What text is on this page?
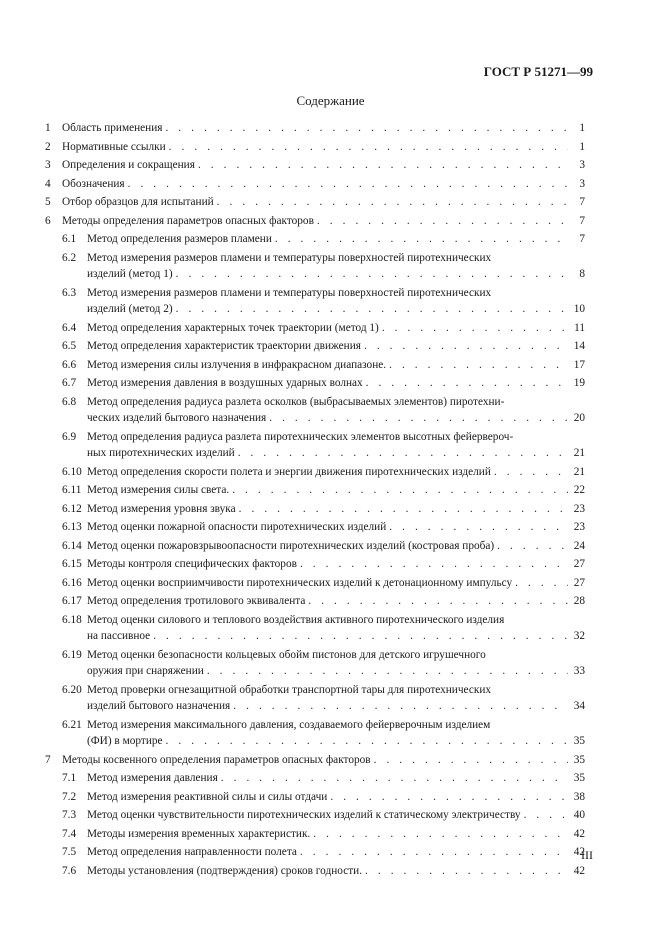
ГОСТ Р 51271—99
Содержание
1	Область применения . . .	1
2	Нормативные ссылки . . .	1
3	Определения и сокращения . . .	3
4	Обозначения . . .	3
5	Отбор образцов для испытаний . . .	7
6	Методы определения параметров опасных факторов . . .	7
6.1 Метод определения размеров пламени . . .	7
6.2 Метод измерения размеров пламени и температуры поверхностей пиротехнических
изделий (метод 1) . . .	8
6.3 Метод измерения размеров пламени и температуры поверхностей пиротехнических
изделий (метод 2) . . .	10
6.4 Метод определения характерных точек траектории (метод 1) . . .	11
6.5 Метод определения характеристик траектории движения . . .	14
6.6 Метод измерения силы излучения в инфракрасном диапазоне. . . .	17
6.7 Метод измерения давления в воздушных ударных волнах . . .	19
6.8 Метод определения радиуса разлета осколков (выбрасываемых элементов) пиротехни-
ческих изделий бытового назначения . . .	20
6.9 Метод определения радиуса разлета пиротехнических элементов высотных фейервероч-
ных пиротехнических изделий . . .	21
6.10 Метод определения скорости полета и энергии движения пиротехнических изделий . . .	21
6.11 Метод измерения силы света. . . .	22
6.12 Метод измерения уровня звука . . .	23
6.13 Метод оценки пожарной опасности пиротехнических изделий . . .	23
6.14 Метод оценки пожаровзрывоопасности пиротехнических изделий (костровая проба) . . .	24
6.15 Методы контроля специфических факторов . . .	27
6.16 Метод оценки восприимчивости пиротехнических изделий к детонационному импульсу . . .	27
6.17 Метод определения тротилового эквивалента . . .	28
6.18 Метод оценки силового и теплового воздействия активного пиротехнического изделия
на пассивное . . .	32
6.19 Метод оценки безопасности кольцевых обойм пистонов для детского игрушечного
оружия при снаряжении . . .	33
6.20 Метод проверки огнезащитной обработки транспортной тары для пиротехнических
изделий бытового назначения . . .	34
6.21 Метод измерения максимального давления, создаваемого фейерверочным изделием
(ФИ) в мортире . . .	35
7	Методы косвенного определения параметров опасных факторов . . .	35
7.1 Метод измерения давления . . .	35
7.2 Метод измерения реактивной силы и силы отдачи . . .	38
7.3 Метод оценки чувствительности пиротехнических изделий к статическому электричеству . . .	40
7.4 Методы измерения временных характеристик. . . .	42
7.5 Метод определения направленности полета . . .	42
7.6 Методы установления (подтверждения) сроков годности. . . .	42
III
